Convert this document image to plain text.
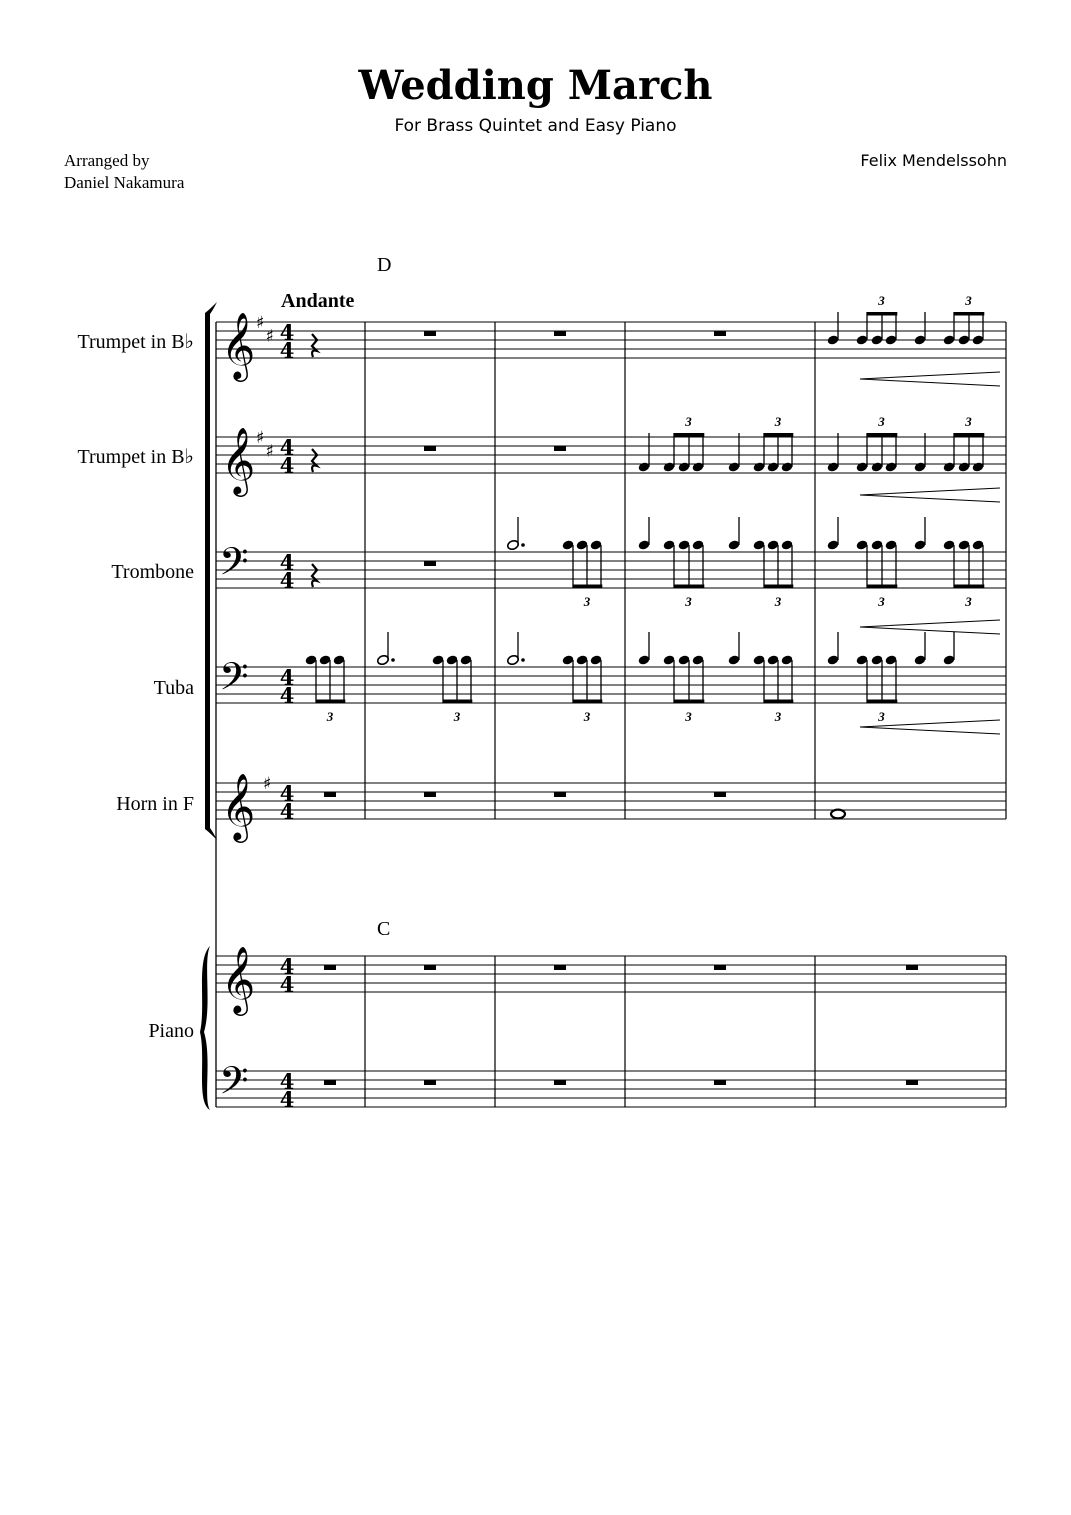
Wedding March
For Brass Quintet and Easy Piano
Arranged by
Daniel Nakamura
Felix Mendelssohn
D
Andante
C
Trumpet in B♭
Trumpet in B♭
Trombone
Tuba
Horn in F
Piano
𝄞
𝄞
𝄞
𝄞
𝄢
𝄢
𝄢
♯
♯
♯
♯
♯
4
4
4
4
4
4
4
4
4
4
4
4
4
4
3	3
3	3	3	3
3	3	3	3	3
3	3	3	3	3	3
